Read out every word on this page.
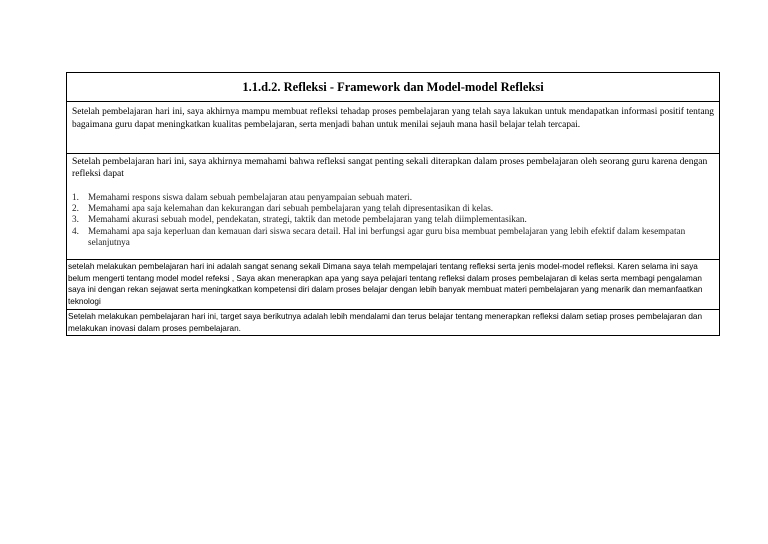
1.1.d.2. Refleksi - Framework dan Model-model Refleksi
Setelah pembelajaran hari ini, saya akhirnya mampu membuat refleksi tehadap proses pembelajaran yang telah saya lakukan untuk mendapatkan informasi positif tentang bagaimana guru dapat meningkatkan kualitas pembelajaran, serta menjadi bahan untuk menilai sejauh mana hasil belajar telah tercapai.
Setelah pembelajaran hari ini, saya akhirnya memahami bahwa refleksi sangat penting sekali diterapkan dalam proses pembelajaran oleh seorang guru karena dengan refleksi dapat
1. Memahami respons siswa dalam sebuah pembelajaran atau penyampaian sebuah materi.
2. Memahami apa saja kelemahan dan kekurangan dari sebuah pembelajaran yang telah dipresentasikan di kelas.
3. Memahami akurasi sebuah model, pendekatan, strategi, taktik dan metode pembelajaran yang telah diimplementasikan.
4. Memahami apa saja keperluan dan kemauan dari siswa secara detail. Hal ini berfungsi agar guru bisa membuat pembelajaran yang lebih efektif dalam kesempatan selanjutnya
setelah melakukan pembelajaran hari ini adalah sangat senang sekali Dimana saya telah mempelajari tentang refleksi serta jenis model-model refleksi. Karen selama ini saya belum mengerti tentang model model refeksi , Saya akan menerapkan apa yang saya pelajari tentang refleksi dalam proses pembelajaran di kelas serta membagi pengalaman saya ini dengan rekan sejawat serta meningkatkan kompetensi diri dalam proses belajar dengan lebih banyak membuat materi pembelajaran yang menarik dan memanfaatkan teknologi
Setelah melakukan pembelajaran hari ini, target saya berikutnya adalah lebih mendalami dan terus belajar tentang menerapkan refleksi dalam setiap proses pembelajaran dan melakukan inovasi dalam proses pembelajaran.
